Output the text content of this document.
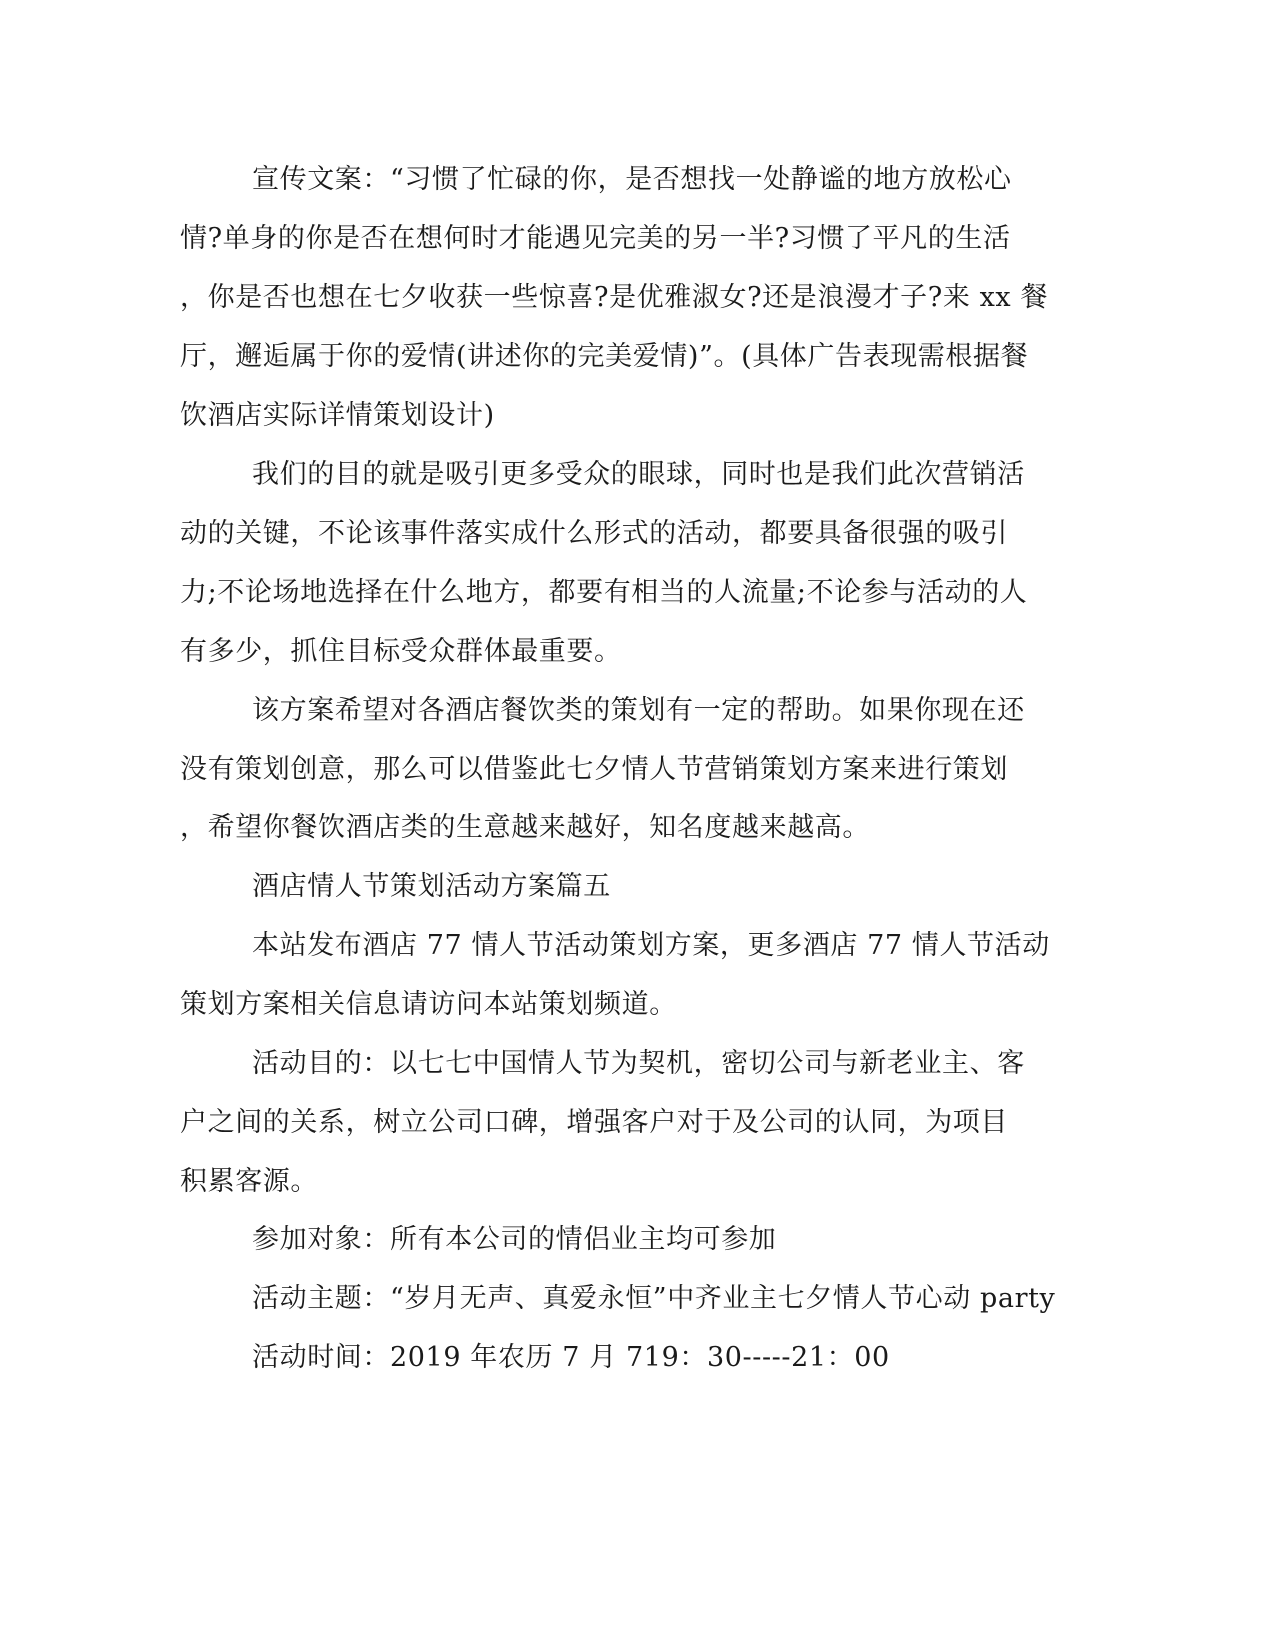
宣传文案：“习惯了忙碌的你，是否想找一处静谧的地方放松心
情?单身的你是否在想何时才能遇见完美的另一半?习惯了平凡的生活
，你是否也想在七夕收获一些惊喜?是优雅淑女?还是浪漫才子?来 xx 餐
厅，邂逅属于你的爱情(讲述你的完美爱情)”。(具体广告表现需根据餐
饮酒店实际详情策划设计)
我们的目的就是吸引更多受众的眼球，同时也是我们此次营销活
动的关键，不论该事件落实成什么形式的活动，都要具备很强的吸引
力;不论场地选择在什么地方，都要有相当的人流量;不论参与活动的人
有多少，抓住目标受众群体最重要。
该方案希望对各酒店餐饮类的策划有一定的帮助。如果你现在还
没有策划创意，那么可以借鉴此七夕情人节营销策划方案来进行策划
，希望你餐饮酒店类的生意越来越好，知名度越来越高。
酒店情人节策划活动方案篇五
本站发布酒店 77 情人节活动策划方案，更多酒店 77 情人节活动
策划方案相关信息请访问本站策划频道。
活动目的：以七七中国情人节为契机，密切公司与新老业主、客
户之间的关系，树立公司口碑，增强客户对于及公司的认同，为项目
积累客源。
参加对象：所有本公司的情侣业主均可参加
活动主题：“岁月无声、真爱永恒”中齐业主七夕情人节心动 party
活动时间：2019 年农历 7 月 719：30-----21：00
